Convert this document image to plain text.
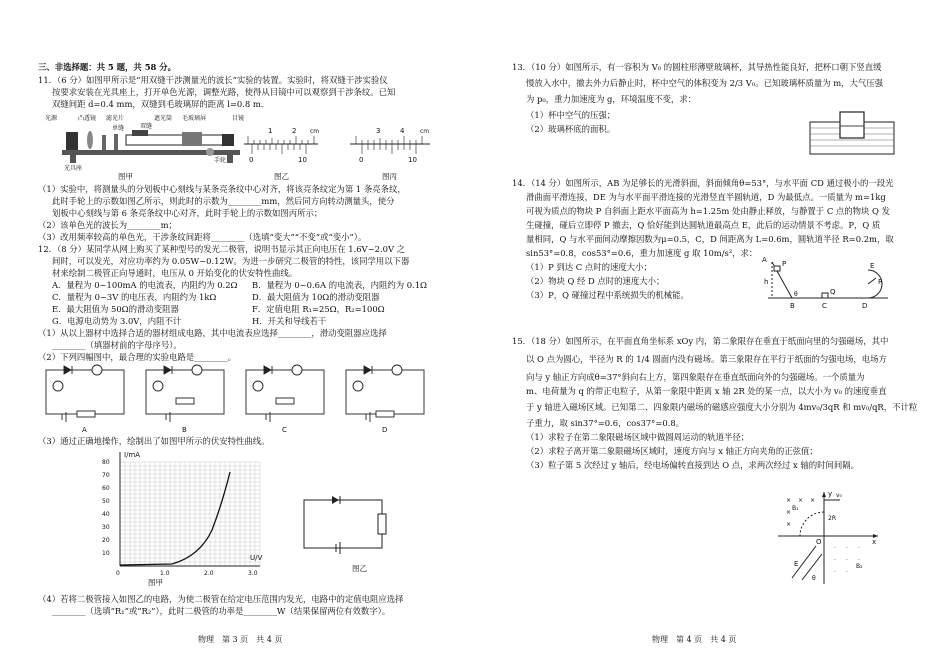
三、非选择题：共 5 题，共 58 分。
11．（6 分）如图甲所示是“用双缝干涉测量光的波长”实验的装置。实验时，将双缝干涉实验仪
按要求安装在光具座上，打开单色光源，调整光路，使得从目镜中可以观察到干涉条纹。已知
双缝间距 d=0.4 mm，双缝到毛玻璃屏的距离 l=0.8 m．
光源	凸透镜 滤光片
单缝
遮光筒 毛玻璃屏	目镜
双缝
手轮
光具座
图甲
1	2 cm
0	10
图乙
3	4	cm
0	10
图丙
（1）实验中，将测量头的分划板中心刻线与某条亮条纹中心对齐，将该亮条纹定为第 1 条亮条纹，
此时手轮上的示数如图乙所示，则此时的示数为________mm，然后同方向转动测量头，使分
划板中心刻线与第 6 条亮条纹中心对齐，此时手轮上的示数如图丙所示；
（2）该单色光的波长为________m；
（3）改用频率较高的单色光，干涉条纹间距将________（选填“变大”“不变”或“变小”）。
12．（8 分）某同学从网上购买了某种型号的发光二极管，说明书显示其正向电压在 1.6V~2.0V 之
间时，可以发光，对应功率约为 0.05W~0.12W。为进一步研究二极管的特性，该同学用以下器
材来绘制二极管正向导通时，电压从 0 开始变化的伏安特性曲线。
A．量程为 0~100mA 的电流表，内阻约为 0.2Ω B．量程为 0~0.6A 的电流表，内阻约为 0.1Ω
C．量程为 0~3V 的电压表，内阻约为 1kΩ	D．最大阻值为 10Ω的滑动变阻器
E．最大阻值为 50Ω的滑动变阻器	F．定值电阻 R₁=25Ω，R₂=100Ω
G．电源电动势为 3.0V，内阻不计	H．开关和导线若干
（1）从以上器材中选择合适的器材组成电路，其中电流表应选择________，滑动变阻器应选择
________（填器材前的字母序号）。
（2）下列四幅图中，最合理的实验电路是________。
A	B	C	D
（3）通过正确地操作，绘制出了如图甲所示的伏安特性曲线。
I/mA
U/V
10
20
30
40
50
60
70
80
0	1.0	2.0	3.0
图甲
图乙
（4）若将二极管接入如图乙的电路，为使二极管在给定电压范围内发光，电路中的定值电阻应选择
________（选填“R₁”或“R₂”），此时二极管的功率是________W（结果保留两位有效数字）。
物理　第 3 页　共 4 页
13．（10 分）如图所示，有一容积为 V₀ 的圆柱形薄壁玻璃杯，其导热性能良好，把杯口朝下竖直缓
慢放入水中，撤去外力后静止时，杯中空气的体积变为 2/3 V₀。已知玻璃杯质量为 m，大气压强
为 p₀，重力加速度为 g，环境温度不变，求：
（1）杯中空气的压强；
（2）玻璃杯底的面积。
14．（14 分）如图所示，AB 为足够长的光滑斜面，斜面倾角θ=53°，与水平面 CD 通过极小的一段光
滑曲面平滑连接，DE 为与水平面平滑连接的光滑竖直半圆轨道，D 为最低点。一质量为 m=1kg
可视为质点的物块 P 自斜面上距水平面高为 h=1.25m 处由静止释放，与静置于 C 点的物块 Q 发
生碰撞，碰后立即停 P 撤去，Q 恰好能到达圆轨道最高点 E，此后的运动情景不考虑。P，Q 质
量相同，Q 与水平面间动摩擦因数为μ=0.5，C，D 间距离为 L=0.6m，圆轨道半径 R=0.2m，取
sin53°=0.8，cos53°=0.6，重力加速度 g 取 10m/s²，求：
（1）P 到达 C 点时的速度大小；
（2）物块 Q 经 D 点时的速度大小；
（3）P，Q 碰撞过程中系统损失的机械能。
A P
h
θ
B
Q
C	D
E
R
15．（18 分）如图所示，在平面直角坐标系 xOy 内，第二象限存在垂直于纸面向里的匀强磁场，其中
以 O 点为圆心，半径为 R 的 1/4 圆面内没有磁场。第三象限存在平行于纸面的匀强电场，电场方
向与 y 轴正方向成θ=37°斜向右上方，第四象限存在垂直纸面向外的匀强磁场。一个质量为
m、电荷量为 q 的带正电粒子，从第一象限中距离 x 轴 2R 处的某一点，以大小为 v₀ 的速度垂直
于 y 轴进入磁场区域。已知第二、四象限内磁场的磁感应强度大小分别为 4mv₀/3qR 和 mv₀/qR，不计粒
子重力，取 sin37°=0.6，cos37°=0.8。
（1）求粒子在第二象限磁场区域中做圆周运动的轨道半径；
（2）求粒子离开第二象限磁场区域时，速度方向与 x 轴正方向夹角的正弦值；
（3）粒子第 5 次经过 y 轴后，经电场偏转直接到达 O 点，求两次经过 x 轴的时间间隔。
× × ×
×
×
· · ·
· · ·
· ·
y v₀
B₁
2R
O	x
E
θ
B₂
物理　第 4 页　共 4 页
